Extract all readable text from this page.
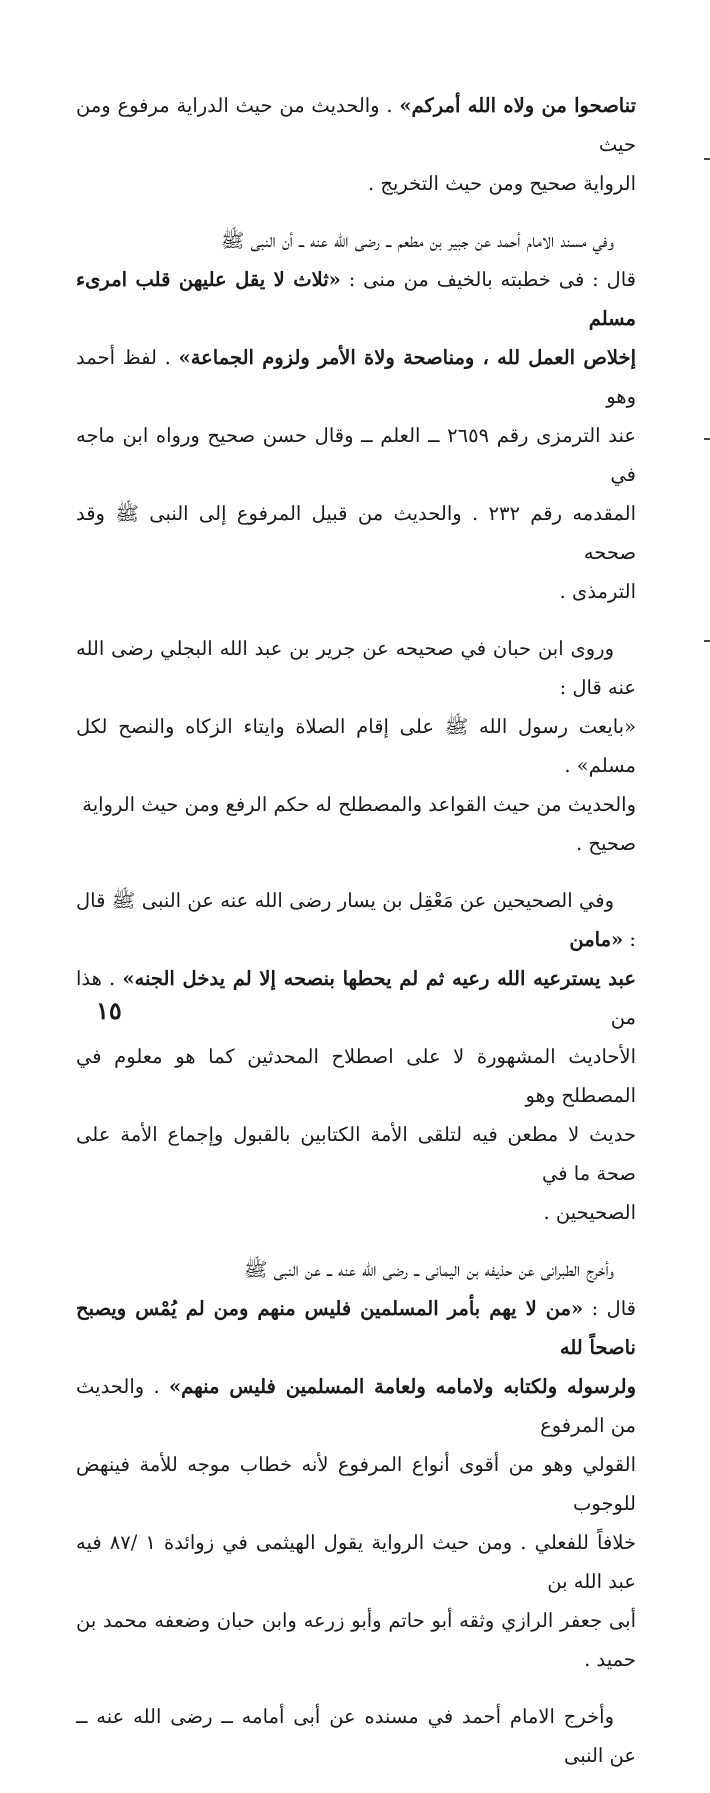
تناصحوا من ولاه الله أمركم» . والحديث من حيث الدراية مرفوع ومن حيث

الرواية صحيح ومن حيث التخريج .

وفي مسند الامام أحمد عن جبير بن مطعم ــ رضى الله عنه ــ أن النبى ﷺ

قال : فى خطبته بالخيف من منى : «ثلاث لا يقل عليهن قلب امرىء مسلم

إخلاص العمل لله ، ومناصحة ولاة الأمر ولزوم الجماعة» . لفظ أحمد وهو

عند الترمزى رقم ٢٦٥٩ ــ العلم ــ وقال حسن صحيح ورواه ابن ماجه في

المقدمه رقم ٢٣٢ . والحديث من قبيل المرفوع إلى النبى ﷺ وقد صححه

الترمذى .

وروى ابن حبان في صحيحه عن جرير بن عبد الله البجلي رضى الله عنه قال :

«بايعت رسول الله ﷺ على إقام الصلاة وايتاء الزكاه والنصح لكل مسلم» .

والحديث من حيث القواعد والمصطلح له حكم الرفع ومن حيث الرواية

صحيح .

وفي الصحيحين عن مَعْقِل بن يسار رضى الله عنه عن النبى ﷺ قال : «مامن

عبد يسترعيه الله رعيه ثم لم يحطها بنصحه إلا لم يدخل الجنه» . هذا من

الأحاديث المشهورة لا على اصطلاح المحدثين كما هو معلوم في المصطلح وهو

حديث لا مطعن فيه لتلقى الأمة الكتابين بالقبول وإجماع الأمة على صحة ما في

الصحيحين .

وأخرج الطبرانى عن حذيفه بن اليمانى ــ رضى الله عنه ــ عن النبى ﷺ

قال : «من لا يهم بأمر المسلمين فليس منهم ومن لم يُمْس ويصبح ناصحاً لله

ولرسوله ولكتابه ولامامه ولعامة المسلمين فليس منهم» . والحديث من المرفوع

القولي وهو من أقوى أنواع المرفوع لأنه خطاب موجه للأمة فينهض للوجوب

خلافاً للفعلي . ومن حيث الرواية يقول الهيثمى في زوائدة ١ /٨٧ فيه عبد الله بن

أبى جعفر الرازي وثقه أبو حاتم وأبو زرعه وابن حبان وضعفه محمد بن حميد .

وأخرج الامام أحمد في مسنده عن أبى أمامه ــ رضى الله عنه ــ عن النبى

١٥
